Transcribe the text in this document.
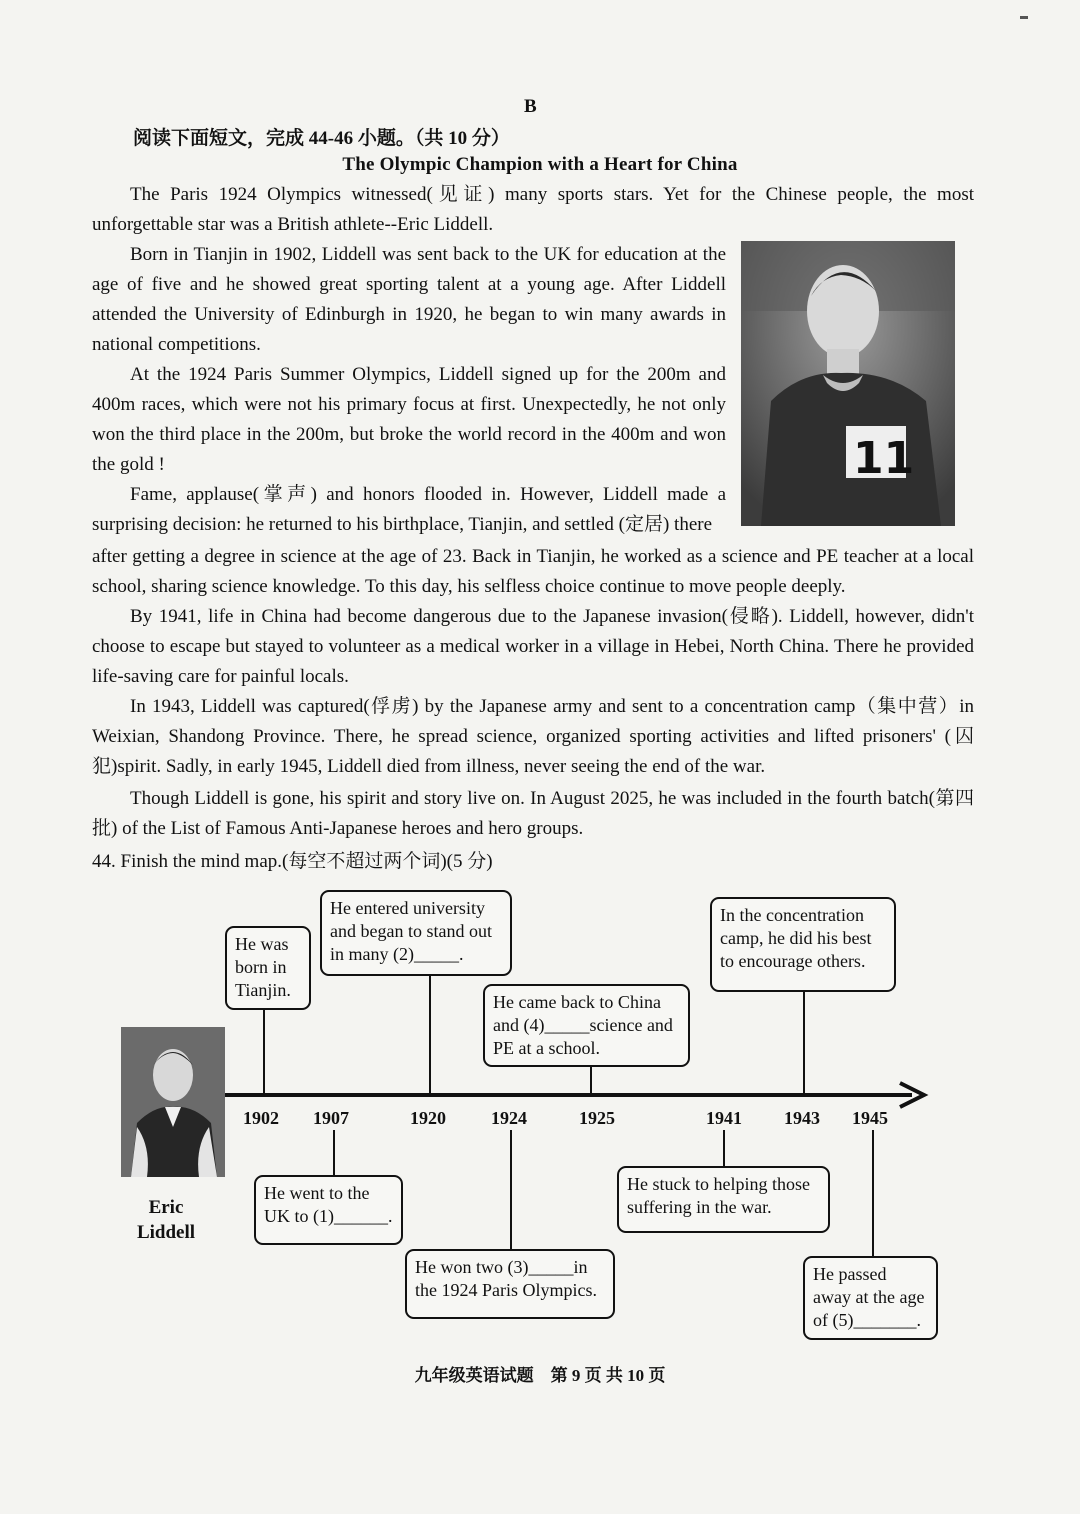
B
阅读下面短文，完成 44-46 小题。（共 10 分）
The Olympic Champion with a Heart for China

The Paris 1924 Olympics witnessed(见证) many sports stars. Yet for the Chinese people, the most unforgettable star was a British athlete--Eric Liddell.

Born in Tianjin in 1902, Liddell was sent back to the UK for education at the age of five and he showed great sporting talent at a young age. After Liddell attended the University of Edinburgh in 1920, he began to win many awards in national competitions.

At the 1924 Paris Summer Olympics, Liddell signed up for the 200m and 400m races, which were not his primary focus at first. Unexpectedly, he not only won the third place in the 200m, but broke the world record in the 400m and won the gold !

Fame, applause(掌声) and honors flooded in. However, Liddell made a surprising decision: he returned to his birthplace, Tianjin, and settled (定居) there

after getting a degree in science at the age of 23. Back in Tianjin, he worked as a science and PE teacher at a local school, sharing science knowledge. To this day, his selfless choice continue to move people deeply.

By 1941, life in China had become dangerous due to the Japanese invasion(侵略). Liddell, however, didn't choose to escape but stayed to volunteer as a medical worker in a village in Hebei, North China. There he provided life-saving care for painful locals.

In 1943, Liddell was captured(俘虏) by the Japanese army and sent to a concentration camp（集中营）in Weixian, Shandong Province. There, he spread science, organized sporting activities and lifted prisoners' (囚犯)spirit. Sadly, in early 1945, Liddell died from illness, never seeing the end of the war.

Though Liddell is gone, his spirit and story live on. In August 2025, he was included in the fourth batch(第四批) of the List of Famous Anti-Japanese heroes and hero groups.

11
44. Finish the mind map.(每空不超过两个词)(5 分)
1902 1907	1920	1924	1925	1941 1943 1945
He was
born in
Tianjin.
He entered university
and began to stand out
in many (2)_____.
He came back to China
and (4)_____science and
PE at a school.
In the concentration
camp, he did his best
to encourage others.
He went to the
UK to (1)______.
He won two (3)_____in
the 1924 Paris Olympics.
He stuck to helping those
suffering in the war.
He passed
away at the age
of (5)_______.
Eric
Liddell
九年级英语试题　第 9 页 共 10 页
